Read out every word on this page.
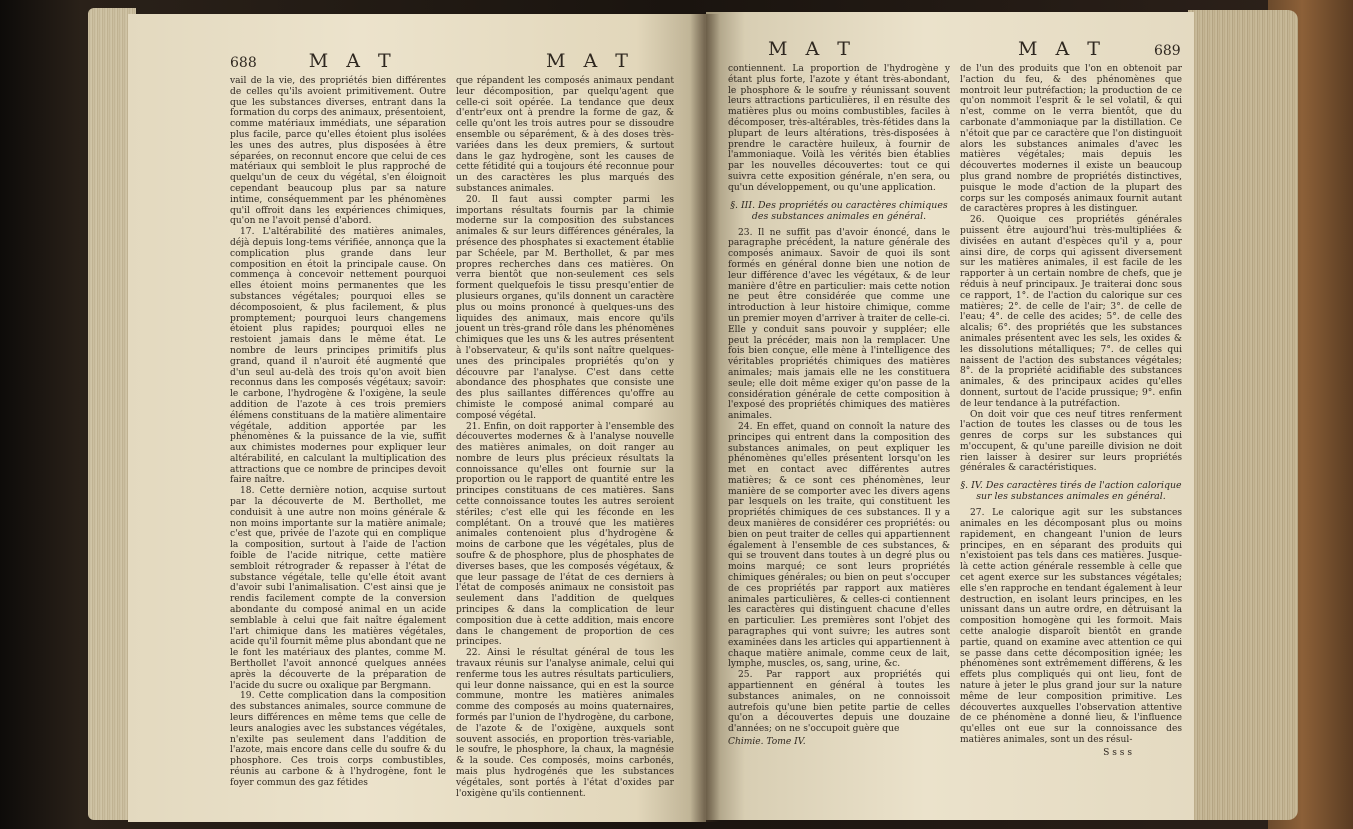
688	M A T	M A T

vail de la vie, des propriétés bien différentes de celles qu'ils avoient primitivement. Outre que les substances diverses, entrant dans la formation du corps des animaux, présentoient, comme matériaux immédiats, une séparation plus facile, parce qu'elles étoient plus isolées les unes des autres, plus disposées à être séparées, on reconnut encore que celui de ces matériaux qui sembloit le plus rapproché de quelqu'un de ceux du végétal, s'en éloignoit cependant beaucoup plus par sa nature intime, conséquemment par les phénomènes qu'il offroit dans les expériences chimiques, qu'on ne l'avoit pensé d'abord.

17. L'altérabilité des matières animales, déjà depuis long-tems vérifiée, annonça que la complication plus grande dans leur composition en étoit la principale cause. On commença à concevoir nettement pourquoi elles étoient moins permanentes que les substances végétales; pourquoi elles se décomposoient, & plus facilement, & plus promptement; pourquoi leurs changemens étoient plus rapides; pourquoi elles ne restoient jamais dans le même état. Le nombre de leurs principes primitifs plus grand, quand il n'auroit été augmenté que d'un seul au-delà des trois qu'on avoit bien reconnus dans les composés végétaux; savoir: le carbone, l'hydrogène & l'oxigène, la seule addition de l'azote à ces trois premiers élémens constituans de la matière alimentaire végétale, addition apportée par les phénomènes & la puissance de la vie, suffit aux chimistes modernes pour expliquer leur altérabilité, en calculant la multiplication des attractions que ce nombre de principes devoit faire naître.

18. Cette dernière notion, acquise surtout par la découverte de M. Berthollet, me conduisit à une autre non moins générale & non moins importante sur la matière animale; c'est que, privée de l'azote qui en complique la composition, surtout à l'aide de l'action foible de l'acide nitrique, cette matière sembloit rétrograder & repasser à l'état de substance végétale, telle qu'elle étoit avant d'avoir subi l'animalisation. C'est ainsi que je rendis facilement compte de la conversion abondante du composé animal en un acide semblable à celui que fait naître également l'art chimique dans les matières végétales, acide qu'il fournit même plus abondant que ne le font les matériaux des plantes, comme M. Berthollet l'avoit annoncé quelques années après la découverte de la préparation de l'acide du sucre ou oxalique par Bergmann.

19. Cette complication dans la composition des substances animales, source commune de leurs différences en même tems que celle de leurs analogies avec les substances végétales, n'exilte pas seulement dans l'addition de l'azote, mais encore dans celle du soufre & du phosphore. Ces trois corps combustibles, réunis au carbone & à l'hydrogène, font le foyer commun des gaz fétides

que répandent les composés animaux pendant leur décomposition, par quelqu'agent que celle-ci soit opérée. La tendance que deux d'entr'eux ont à prendre la forme de gaz, & celle qu'ont les trois autres pour se dissoudre ensemble ou séparément, & à des doses très-variées dans les deux premiers, & surtout dans le gaz hydrogène, sont les causes de cette fétidité qui a toujours été reconnue pour un des caractères les plus marqués des substances animales.

20. Il faut aussi compter parmi les importans résultats fournis par la chimie moderne sur la composition des substances animales & sur leurs différences générales, la présence des phosphates si exactement établie par Schéele, par M. Berthollet, & par mes propres recherches dans ces matières. On verra bientôt que non-seulement ces sels forment quelquefois le tissu presqu'entier de plusieurs organes, qu'ils donnent un caractère plus ou moins prononcé à quelques-uns des liquides des animaux, mais encore qu'ils jouent un très-grand rôle dans les phénomènes chimiques que les uns & les autres présentent à l'observateur, & qu'ils sont naître quelques-unes des principales propriétés qu'on y découvre par l'analyse. C'est dans cette abondance des phosphates que consiste une des plus saillantes différences qu'offre au chimiste le composé animal comparé au composé végétal.

21. Enfin, on doit rapporter à l'ensemble des découvertes modernes & à l'analyse nouvelle des matières animales, on doit ranger au nombre de leurs plus précieux résultats la connoissance qu'elles ont fournie sur la proportion ou le rapport de quantité entre les principes constituans de ces matières. Sans cette connoissance toutes les autres seroient stériles; c'est elle qui les féconde en les complétant. On a trouvé que les matières animales contenoient plus d'hydrogène & moins de carbone que les végétales, plus de soufre & de phosphore, plus de phosphates de diverses bases, que les composés végétaux, & que leur passage de l'état de ces derniers à l'état de composés animaux ne consistoit pas seulement dans l'addition de quelques principes & dans la complication de leur composition due à cette addition, mais encore dans le changement de proportion de ces principes.

22. Ainsi le résultat général de tous les travaux réunis sur l'analyse animale, celui qui renferme tous les autres résultats particuliers, qui leur donne naissance, qui en est la source commune, montre les matières animales comme des composés au moins quaternaires, formés par l'union de l'hydrogène, du carbone, de l'azote & de l'oxigène, auxquels sont souvent associés, en proportion très-variable, le soufre, le phosphore, la chaux, la magnésie & la soude. Ces composés, moins carbonés, mais plus hydrogénés que les substances végétales, sont portés à l'état d'oxides par l'oxigène qu'ils contiennent.

M A T	M A T	689

contiennent. La proportion de l'hydrogène y étant plus forte, l'azote y étant très-abondant, le phosphore & le soufre y réunissant souvent leurs attractions particulières, il en résulte des matières plus ou moins combustibles, faciles à décomposer, très-altérables, très-fétides dans la plupart de leurs altérations, très-disposées à prendre le caractère huileux, à fournir de l'ammoniaque. Voilà les vérités bien établies par les nouvelles découvertes: tout ce qui suivra cette exposition générale, n'en sera, ou qu'un développement, ou qu'une application.

§. III. Des propriétés ou caractères chimiques des substances animales en général.

23. Il ne suffit pas d'avoir énoncé, dans le paragraphe précédent, la nature générale des composés animaux. Savoir de quoi ils sont formés en général donne bien une notion de leur différence d'avec les végétaux, & de leur manière d'être en particulier: mais cette notion ne peut être considérée que comme une introduction à leur histoire chimique, comme un premier moyen d'arriver à traiter de celle-ci. Elle y conduit sans pouvoir y suppléer; elle peut la précéder, mais non la remplacer. Une fois bien conçue, elle mène à l'intelligence des véritables propriétés chimiques des matières animales; mais jamais elle ne les constituera seule; elle doit même exiger qu'on passe de la considération générale de cette composition à l'exposé des propriétés chimiques des matières animales.

24. En effet, quand on connoît la nature des principes qui entrent dans la composition des substances animales, on peut expliquer les phénomènes qu'elles présentent lorsqu'on les met en contact avec différentes autres matières; & ce sont ces phénomènes, leur manière de se comporter avec les divers agens par lesquels on les traite, qui constituent les propriétés chimiques de ces substances. Il y a deux manières de considérer ces propriétés: ou bien on peut traiter de celles qui appartiennent également à l'ensemble de ces substances, & qui se trouvent dans toutes à un degré plus ou moins marqué; ce sont leurs propriétés chimiques générales; ou bien on peut s'occuper de ces propriétés par rapport aux matières animales particulières, & celles-ci contiennent les caractères qui distinguent chacune d'elles en particulier. Les premières sont l'objet des paragraphes qui vont suivre; les autres sont examinées dans les articles qui appartiennent à chaque matière animale, comme ceux de lait, lymphe, muscles, os, sang, urine, &c.

25. Par rapport aux propriétés qui appartiennent en général à toutes les substances animales, on ne connoissoit autrefois qu'une bien petite partie de celles qu'on a découvertes depuis une douzaine d'années; on ne s'occupoit guère que

Chimie. Tome IV.

de l'un des produits que l'on en obtenoit par l'action du feu, & des phénomènes que montroit leur putréfaction; la production de ce qu'on nommoit l'esprit & le sel volatil, & qui n'est, comme on le verra bientôt, que du carbonate d'ammoniaque par la distillation. Ce n'étoit que par ce caractère que l'on distinguoit alors les substances animales d'avec les matières végétales; mais depuis les découvertes modernes il existe un beaucoup plus grand nombre de propriétés distinctives, puisque le mode d'action de la plupart des corps sur les composés animaux fournit autant de caractères propres à les distinguer.

26. Quoique ces propriétés générales puissent être aujourd'hui très-multipliées & divisées en autant d'espèces qu'il y a, pour ainsi dire, de corps qui agissent diversement sur les matières animales, il est facile de les rapporter à un certain nombre de chefs, que je réduis à neuf principaux. Je traiterai donc sous ce rapport, 1°. de l'action du calorique sur ces matières; 2°. de celle de l'air; 3°. de celle de l'eau; 4°. de celle des acides; 5°. de celle des alcalis; 6°. des propriétés que les substances animales présentent avec les sels, les oxides & les dissolutions métalliques; 7°. de celles qui naissent de l'action des substances végétales; 8°. de la propriété acidifiable des substances animales, & des principaux acides qu'elles donnent, surtout de l'acide prussique; 9°. enfin de leur tendance à la putréfaction.

On doit voir que ces neuf titres renferment l'action de toutes les classes ou de tous les genres de corps sur les substances qui m'occupent, & qu'une pareille division ne doit rien laisser à desirer sur leurs propriétés générales & caractéristiques.

§. IV. Des caractères tirés de l'action calorique sur les substances animales en général.

27. Le calorique agit sur les substances animales en les décomposant plus ou moins rapidement, en changeant l'union de leurs principes, en en séparant des produits qui n'existoient pas tels dans ces matières. Jusque-là cette action générale ressemble à celle que cet agent exerce sur les substances végétales; elle s'en rapproche en tendant également à leur destruction, en isolant leurs principes, en les unissant dans un autre ordre, en détruisant la composition homogène qui les formoit. Mais cette analogie disparoît bientôt en grande partie, quand on examine avec attention ce qui se passe dans cette décomposition ignée; les phénomènes sont extrêmement différens, & les effets plus compliqués qui ont lieu, font de nature à jeter le plus grand jour sur la nature même de leur composition primitive. Les découvertes auxquelles l'observation attentive de ce phénomène a donné lieu, & l'influence qu'elles ont eue sur la connoissance des matières animales, sont un des résul-

S s s s
